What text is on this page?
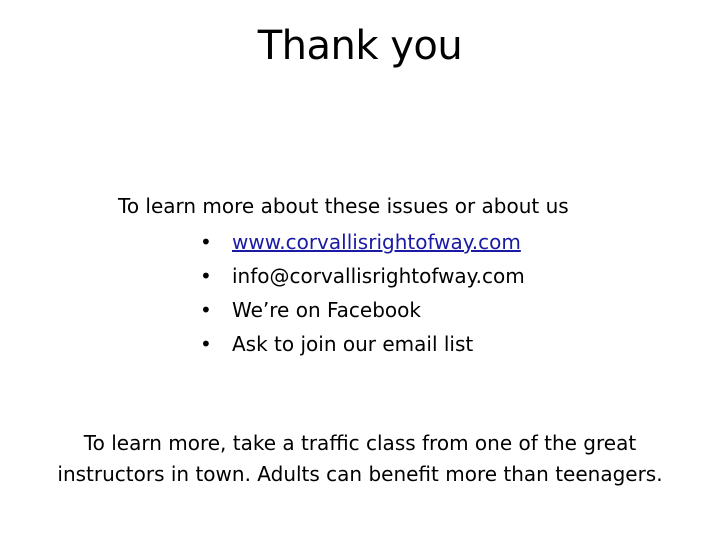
Thank you
To learn more about these issues or about us
•	www.corvallisrightofway.com
•	info@corvallisrightofway.com
•	We’re on Facebook
•	Ask to join our email list
To learn more, take a traffic class from one of the great
instructors in town. Adults can benefit more than teenagers.
